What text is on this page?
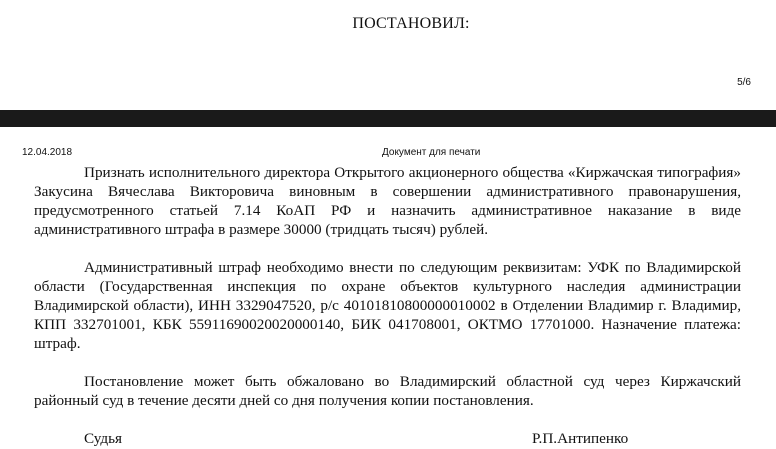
ПОСТАНОВИЛ:
5/6
12.04.2018	Документ для печати

Признать исполнительного директора Открытого акционерного общества «Киржачская типография» Закусина Вячеслава Викторовича виновным в совершении административного правонарушения, предусмотренного статьей 7.14 КоАП РФ и назначить административное наказание в виде административного штрафа в размере 30000 (тридцать тысяч) рублей.

Административный штраф необходимо внести по следующим реквизитам: УФК по Владимирской области (Государственная инспекция по охране объектов культурного наследия администрации Владимирской области), ИНН 3329047520, р/с 40101810800000010002 в Отделении Владимир г. Владимир, КПП 332701001, КБК 55911690020020000140, БИК 041708001, ОКТМО 17701000. Назначение платежа: штраф.

Постановление может быть обжаловано во Владимирский областной суд через Киржачский районный суд в течение десяти дней со дня получения копии постановления.

Судья	Р.П.Антипенко
